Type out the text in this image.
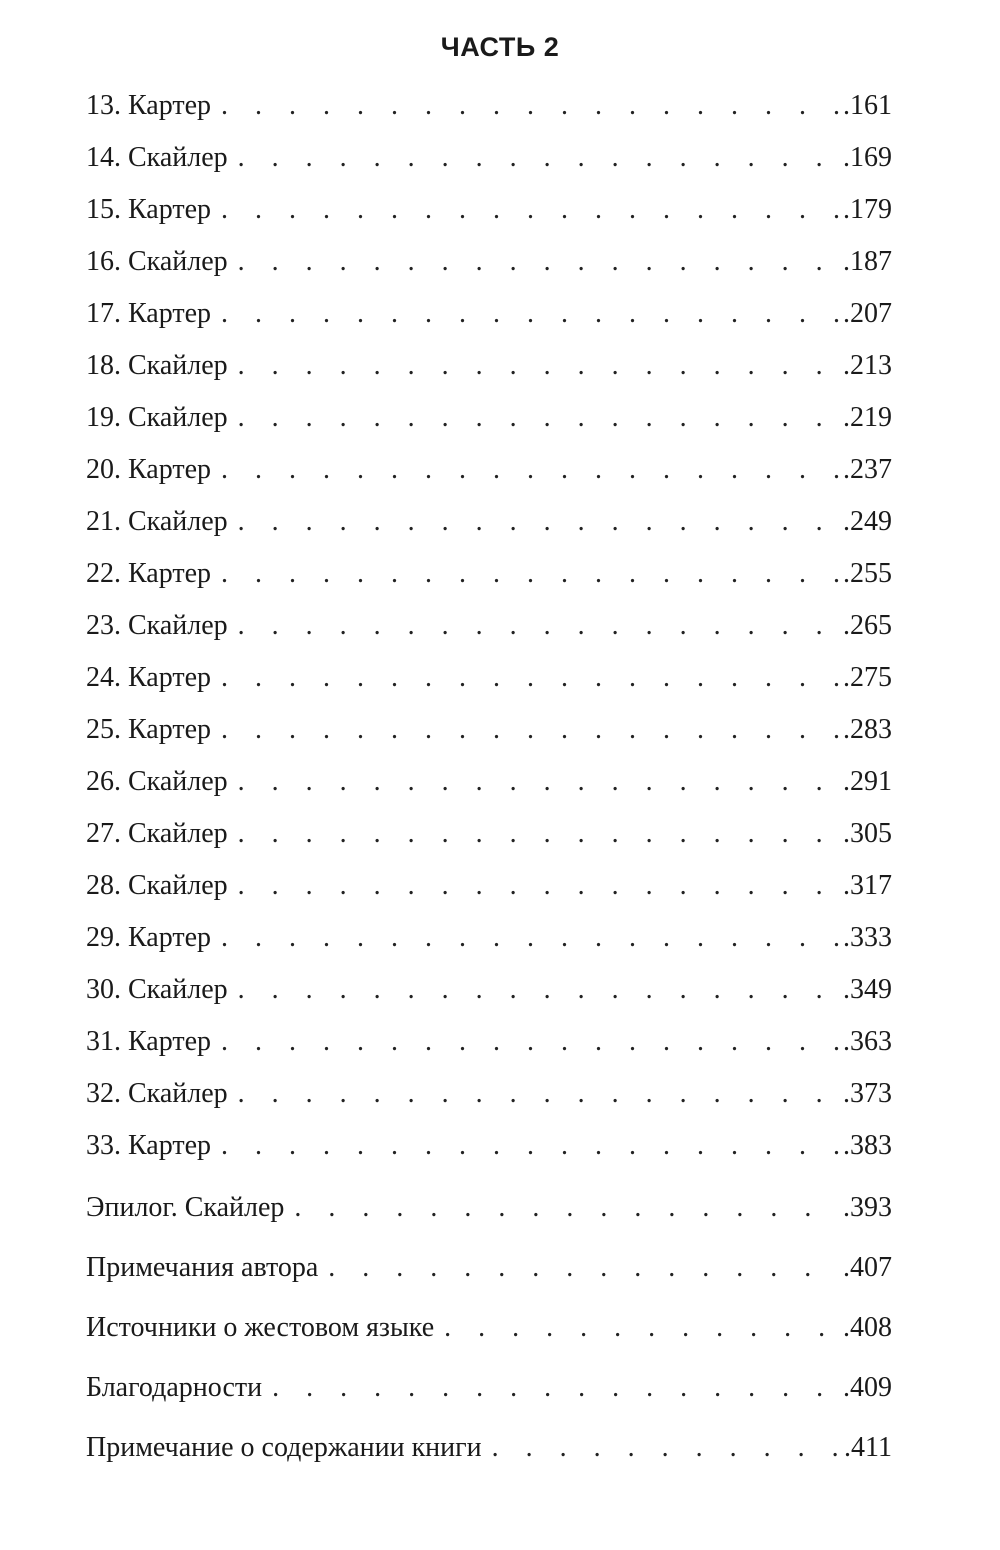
ЧАСТЬ 2
13. Картер . . .	.161
14. Скайлер . . .	.169
15. Картер . . .	.179
16. Скайлер . . .	.187
17. Картер . . .	.207
18. Скайлер . . .	.213
19. Скайлер . . .	.219
20. Картер . . .	.237
21. Скайлер . . .	.249
22. Картер . . .	.255
23. Скайлер . . .	.265
24. Картер . . .	.275
25. Картер . . .	.283
26. Скайлер . . .	.291
27. Скайлер . . .	.305
28. Скайлер . . .	.317
29. Картер . . .	.333
30. Скайлер . . .	.349
31. Картер . . .	.363
32. Скайлер . . .	.373
33. Картер . . .	.383
Эпилог. Скайлер . . .	.393
Примечания автора . . .	.407
Источники о жестовом языке . . .	.408
Благодарности . . .	.409
Примечание о содержании книги . . .	.411
